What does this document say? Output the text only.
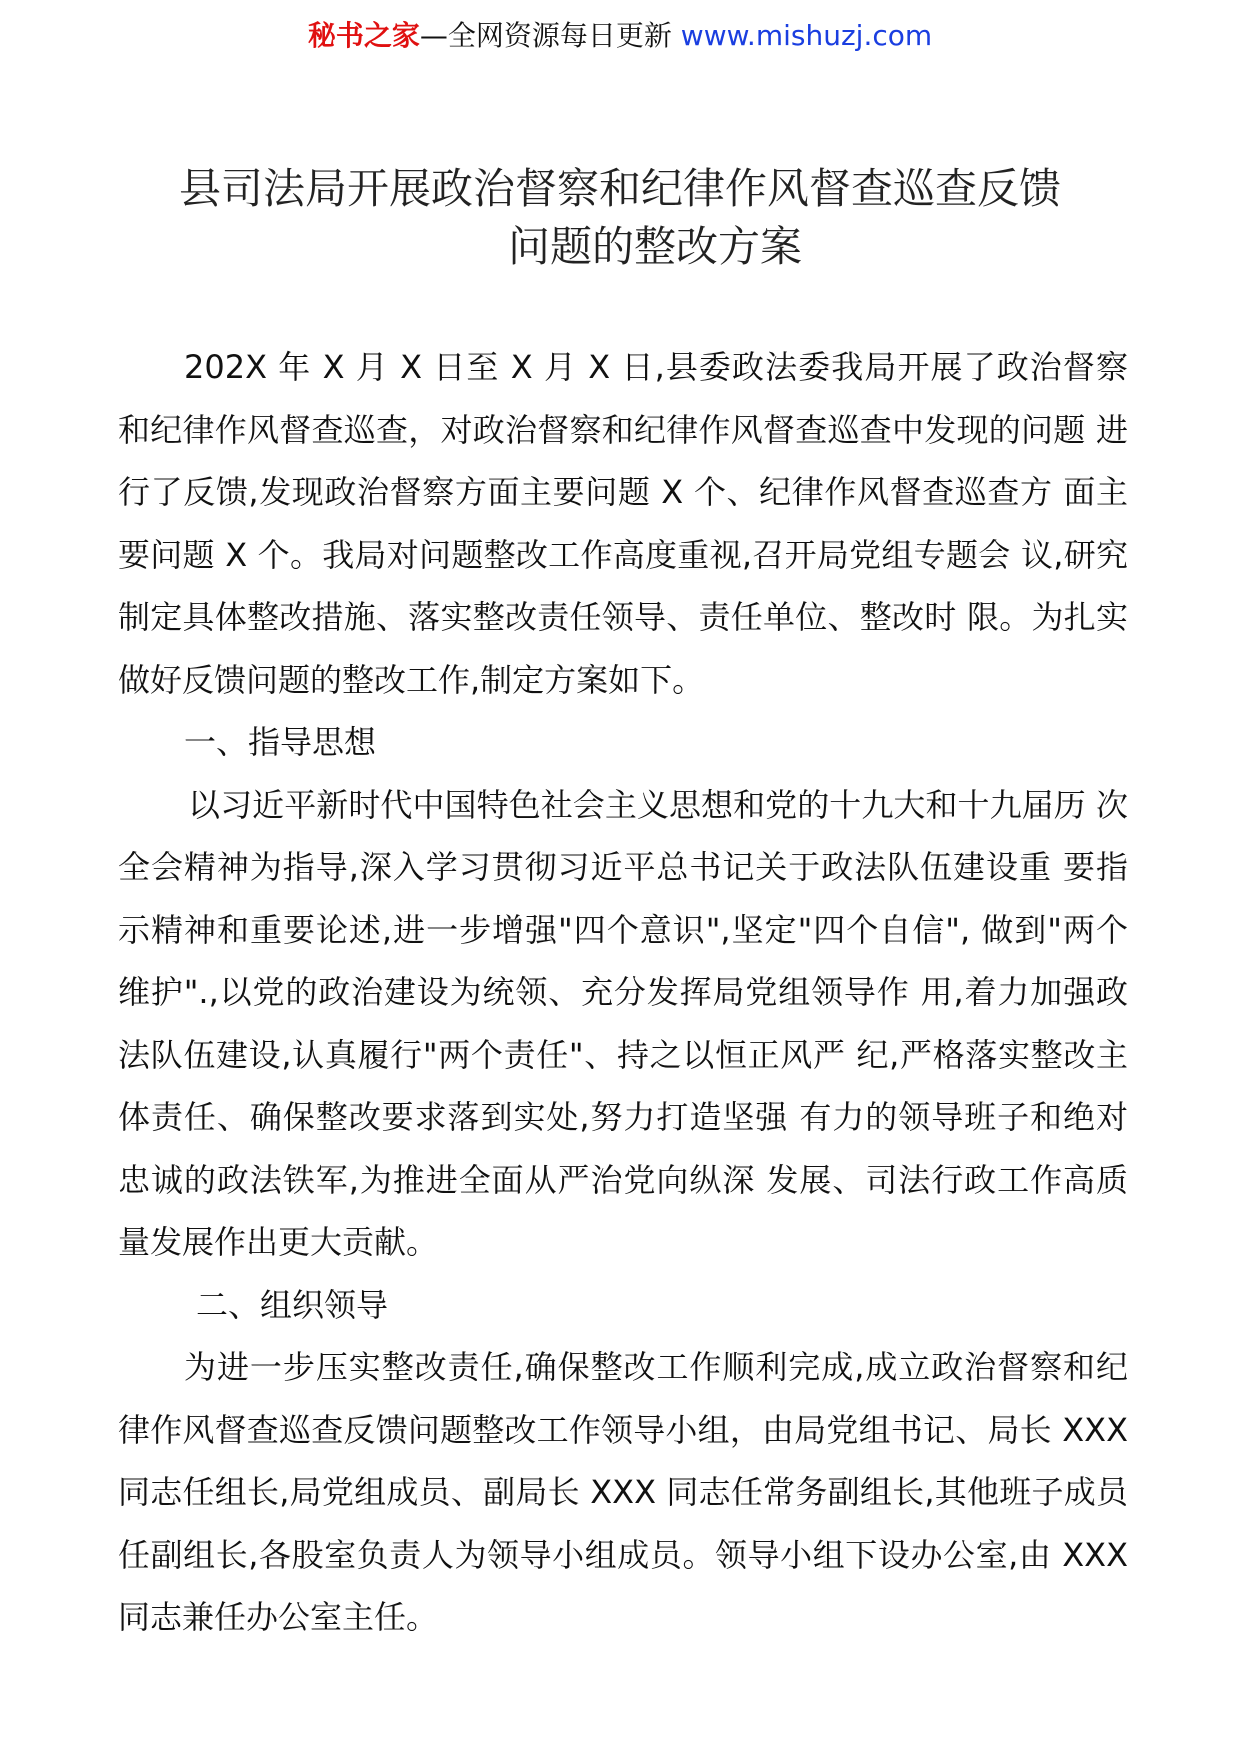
秘书之家—全网资源每日更新 www.mishuzj.com
县司法局开展政治督察和纪律作风督查巡查反馈
问题的整改方案

202X 年 X 月 X 日至 X 月 X 日,县委政法委我局开展了政治督察 和纪律作风督查巡查，对政治督察和纪律作风督查巡查中发现的问题 进行了反馈,发现政治督察方面主要问题 X 个、纪律作风督查巡查方 面主要问题 X 个。我局对问题整改工作高度重视,召开局党组专题会 议,研究制定具体整改措施、落实整改责任领导、责任单位、整改时 限。为扎实做好反馈问题的整改工作,制定方案如下。

一、指导思想

以习近平新时代中国特色社会主义思想和党的十九大和十九届历 次全会精神为指导,深入学习贯彻习近平总书记关于政法队伍建设重 要指示精神和重要论述,进一步增强"四个意识",坚定"四个自信", 做到"两个维护".,以党的政治建设为统领、充分发挥局党组领导作 用,着力加强政法队伍建设,认真履行"两个责任"、持之以恒正风严 纪,严格落实整改主体责任、确保整改要求落到实处,努力打造坚强 有力的领导班子和绝对忠诚的政法铁军,为推进全面从严治党向纵深 发展、司法行政工作高质量发展作出更大贡献。

二、组织领导

为进一步压实整改责任,确保整改工作顺利完成,成立政治督察和纪律作风督查巡查反馈问题整改工作领导小组，由局党组书记、局长 XXX 同志任组长,局党组成员、副局长 XXX 同志任常务副组长,其他班子成员任副组长,各股室负责人为领导小组成员。领导小组下设办公室,由 XXX 同志兼任办公室主任。
